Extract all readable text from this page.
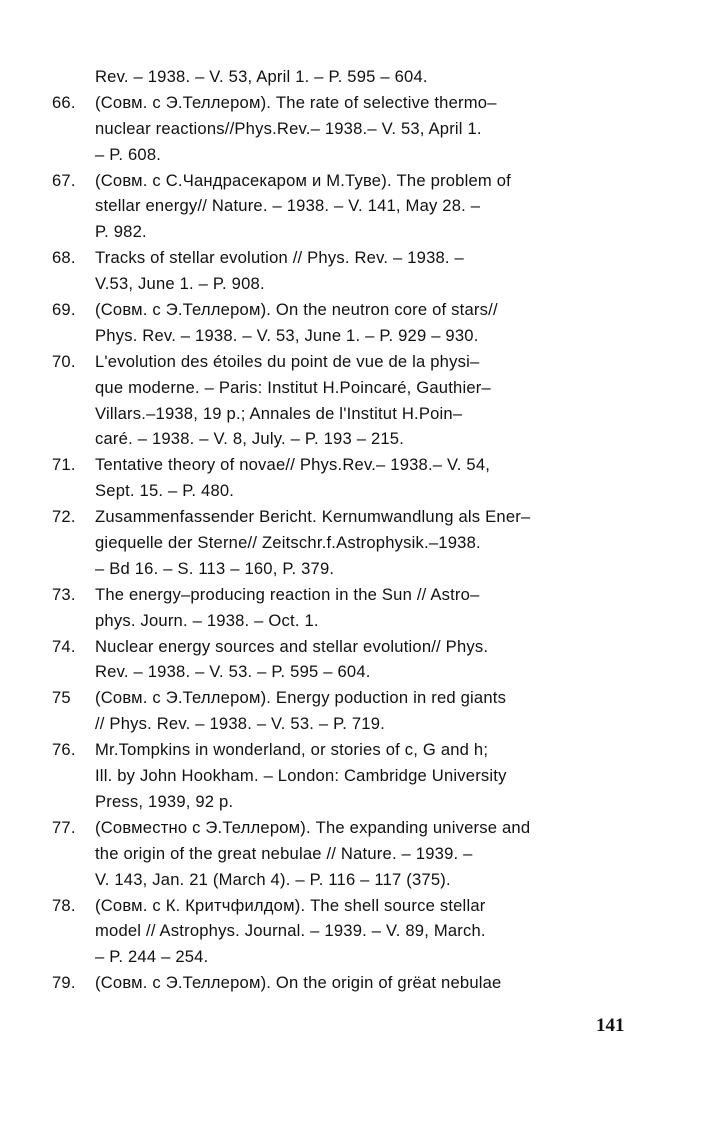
Rev. – 1938. – V. 53, April 1. – P. 595 – 604.
66. (Совм. с Э.Теллером). The rate of selective thermo–
nuclear reactions//Phys.Rev.– 1938.– V. 53, April 1.
– P. 608.
67. (Совм. с С.Чандрасекаром и М.Туве). The problem of
stellar energy// Nature. – 1938. – V. 141, May 28. –
P. 982.
68. Tracks of stellar evolution // Phys. Rev. – 1938. –
V.53, June 1. – P. 908.
69. (Совм. с Э.Теллером). On the neutron core of stars//
Phys. Rev. – 1938. – V. 53, June 1. – P. 929 – 930.
70. L'evolution des étoiles du point de vue de la physi–
que moderne. – Paris: Institut H.Poincaré, Gauthier–
Villars.–1938, 19 p.; Annales de l'Institut H.Poin–
caré. – 1938. – V. 8, July. – P. 193 – 215.
71. Tentative theory of novae// Phys.Rev.– 1938.– V. 54,
Sept. 15. – P. 480.
72. Zusammenfassender Bericht. Kernumwandlung als Ener–
giequelle der Sterne// Zeitschr.f.Astrophysik.–1938.
– Bd 16. – S. 113 – 160, P. 379.
73. The energy–producing reaction in the Sun // Astro–
phys. Journ. – 1938. – Oct. 1.
74. Nuclear energy sources and stellar evolution// Phys.
Rev. – 1938. – V. 53. – P. 595 – 604.
75 (Совм. с Э.Теллером). Energy poduction in red giants
// Phys. Rev. – 1938. – V. 53. – P. 719.
76. Mr.Tompkins in wonderland, or stories of c, G and h;
Ill. by John Hookham. – London: Cambridge University
Press, 1939, 92 p.
77. (Совместно с Э.Теллером). The expanding universe and
the origin of the great nebulae // Nature. – 1939. –
V. 143, Jan. 21 (March 4). – P. 116 – 117 (375).
78. (Совм. с К. Критчфилдом). The shell source stellar
model // Astrophys. Journal. – 1939. – V. 89, March.
– P. 244 – 254.
79. (Совм. с Э.Теллером). On the origin of grëat nebulae
141
